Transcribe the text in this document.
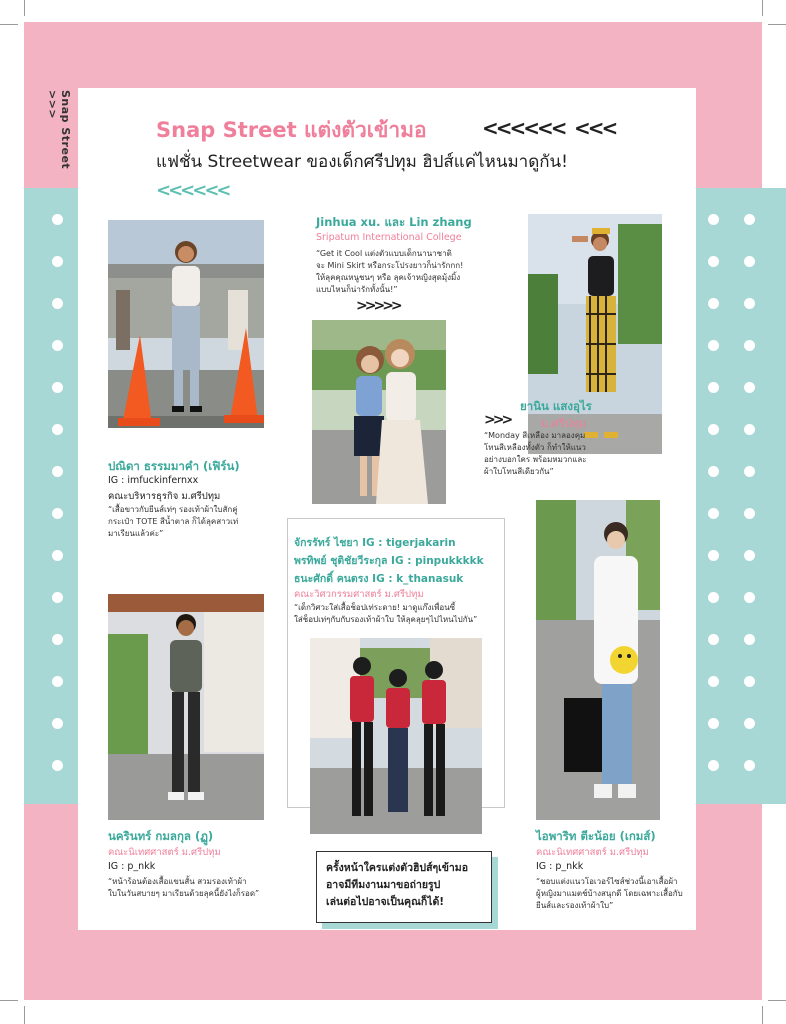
Snap Street >>>
Snap Street แต่งตัวเข้ามอ	<<<<<< <<<
แฟชั่น Streetwear ของเด็กศรีปทุม ฮิปส์แค่ไหนมาดูกัน!
<<<<<<
ปณิดา ธรรมมาคำ (เฟิร์น)
IG : imfuckinfernxx
คณะบริหารธุรกิจ ม.ศรีปทุม
“เสื้อขาวกับยีนส์เท่ๆ รองเท้าผ้าใบสักคู่
กระเป๋า TOTE สีน้ำตาล ก็ได้ลุคสาวเท่
มาเรียนแล้วค่ะ”
Jinhua xu. และ Lin zhang
Sripatum International College
“Get it Cool แต่งตัวแบบเด็กนานาชาติ
จะ Mini Skirt หรือกระโปรงยาวก็น่ารักกก!
ให้ลุคคุณหนูชนๆ หรือ ลุคเจ้าหญิงสุดมุ้งมิ้ง
แบบไหนก็น่ารักทั้งนั้น!”
>>>>>
>>>
ยานิน แสงอุไร
ม.ศรีปทุม
“Monday สีเหลือง มาลองคุม
โทนสีเหลืองทั้งตัว ก็ทำให้แนว
อย่างบอกใคร พร้อมหมวกและ
ผ้าใบโทนสีเดียวกัน”
จักรรัทร์ ไชยา IG : tigerjakarin
พรทิพย์ ชุติชัยวีระกุล IG : pinpukkkkk
ธนะศักดิ์ คนตรง IG : k_thanasuk
คณะวิศวกรรมศาสตร์ ม.ศรีปทุม
“เด็กวิศวะใส่เสื้อช็อปเท่ระดาย! มาดูแก๊งเพื่อนซี้
ใส่ช็อปเท่ๆกับกับรองเท้าผ้าใบ ให้ลุคลุยๆไปไหนไปกัน”
นครินทร์ กมลกุล (ฏู)
คณะนิเทศศาสตร์ ม.ศรีปทุม
IG : p_nkk
“หน้าร้อนต้องเสื้อแขนสั้น สวมรองเท้าผ้า
ใบในวันสบายๆ มาเรียนด้วยลุคนี้ยังไงก็รอด”
ไอพาริท ตีะน้อย (เกมส์)
คณะนิเทศศาสตร์ ม.ศรีปทุม
IG : p_nkk
“ชอบแต่งแนวโอเวอร์ไซส์ช่วงนี้เอาเสื้อผ้า
ผู้หญิงมาแมตช์บ้างสนุกดี โดยเฉพาะเสื้อกับ
ยีนส์และรองเท้าผ้าใบ”
ครั้งหน้าใครแต่งตัวฮิปส์ๆเข้ามอ
อาจมีทีมงานมาขอถ่ายรูป
เล่นต่อไปอาจเป็นคุณก็ได้!
